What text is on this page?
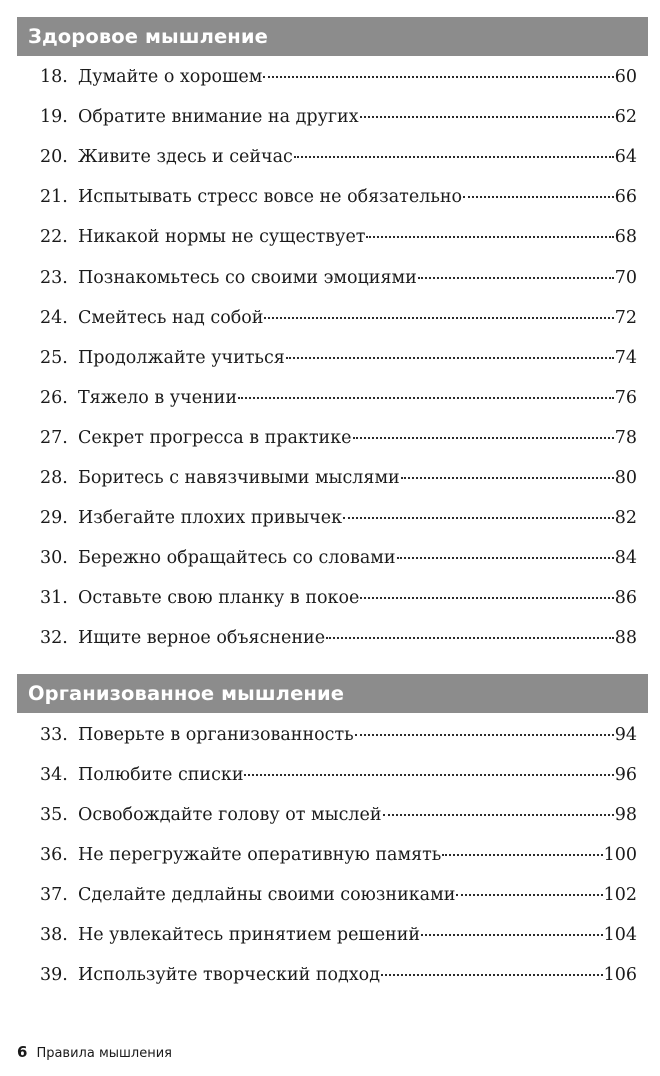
Здоровое мышление
18. Думайте о хорошем	60
19. Обратите внимание на других	62
20. Живите здесь и сейчас	64
21. Испытывать стресс вовсе не обязательно	66
22. Никакой нормы не существует	68
23. Познакомьтесь со своими эмоциями	70
24. Смейтесь над собой	72
25. Продолжайте учиться	74
26. Тяжело в учении	76
27. Секрет прогресса в практике	78
28. Боритесь с навязчивыми мыслями	80
29. Избегайте плохих привычек	82
30. Бережно обращайтесь со словами	84
31. Оставьте свою планку в покое	86
32. Ищите верное объяснение	88
Организованное мышление
33. Поверьте в организованность	94
34. Полюбите списки	96
35. Освобождайте голову от мыслей	98
36. Не перегружайте оперативную память	100
37. Сделайте дедлайны своими союзниками	102
38. Не увлекайтесь принятием решений	104
39. Используйте творческий подход	106
6 Правила мышления
